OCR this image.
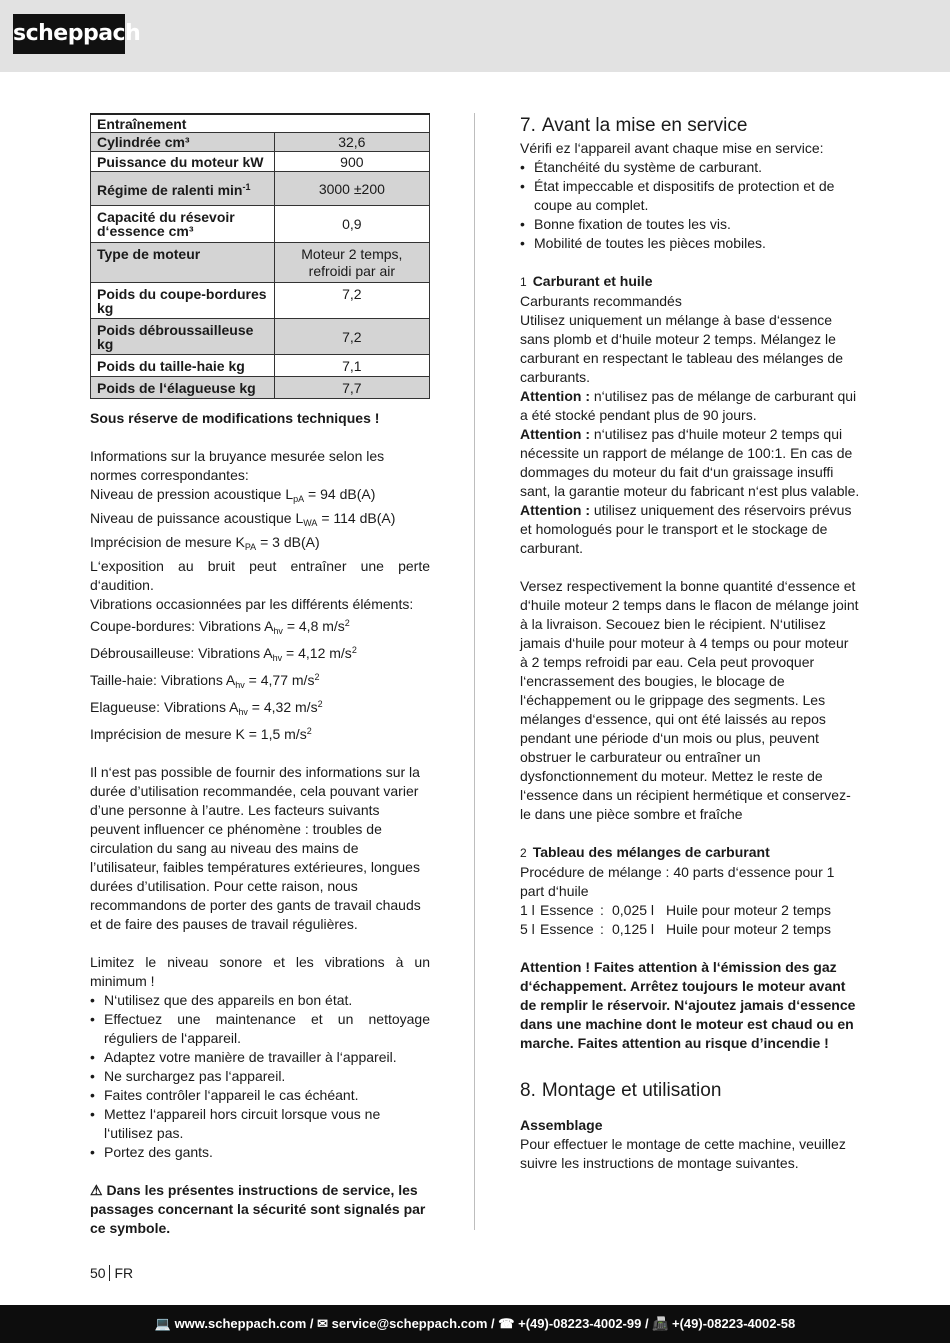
scheppach
Entraînement	
Cylindrée cm³	32,6
Puissance du moteur kW	900
Régime de ralenti $\min^{-1}$	3000 ±200
Capacité du résevoir d‘essence cm³	0,9
Type de moteur	Moteur 2 temps, refroidi par air
Poids du coupe-bordures kg	7,2
Poids débroussailleuse kg	7,2
Poids du taille-haie kg	7,1
Poids de l‘élagueuse kg	7,7

Sous réserve de modifications techniques !

Informations sur la bruyance mesurée selon les normes correspondantes:

Niveau de pression acoustique $L_{pA} = 94$ dB(A)

Niveau de puissance acoustique $L_{WA} = 114$ dB(A)

Imprécision de mesure $K_{PA} = 3$ dB(A)

L‘exposition au bruit peut entraîner une perte d‘audition.

Vibrations occasionnées par les différents éléments:

Coupe-bordures: Vibrations $A_{hv} = 4,8$ $m/s^2$

Débrousailleuse: Vibrations $A_{hv} = 4,12$ $m/s^2$

Taille-haie: Vibrations $A_{hv} = 4,77$ $m/s^2$

Elagueuse: Vibrations $A_{hv} = 4,32$ $m/s^2$

Imprécision de mesure K = 1,5 $m/s^2$

Il n‘est pas possible de fournir des informations sur la durée d’utilisation recommandée, cela pouvant varier d’une personne à l’autre. Les facteurs suivants peuvent influencer ce phénomène : troubles de circulation du sang au niveau des mains de l’utilisateur, faibles températures extérieures, longues durées d’utilisation. Pour cette raison, nous recommandons de porter des gants de travail chauds et de faire des pauses de travail régulières.

Limitez le niveau sonore et les vibrations à un minimum !

• N‘utilisez que des appareils en bon état.
• Effectuez une maintenance et un nettoyage réguliers de l‘appareil.
• Adaptez votre manière de travailler à l‘appareil.
• Ne surchargez pas l‘appareil.
• Faites contrôler l‘appareil le cas échéant.
• Mettez l‘appareil hors circuit lorsque vous ne l‘utilisez pas.
• Portez des gants.

⚠ Dans les présentes instructions de service, les passages concernant la sécurité sont signalés par ce symbole.

7. Avant la mise en service

Vérifi ez l‘appareil avant chaque mise en service:

• Étanchéité du système de carburant.
• État impeccable et dispositifs de protection et de coupe au complet.
• Bonne fixation de toutes les vis.
• Mobilité de toutes les pièces mobiles.

1 Carburant et huile

Carburants recommandés

Utilisez uniquement un mélange à base d‘essence sans plomb et d‘huile moteur 2 temps. Mélangez le carburant en respectant le tableau des mélanges de carburants.

Attention : n‘utilisez pas de mélange de carburant qui a été stocké pendant plus de 90 jours.

Attention : n‘utilisez pas d‘huile moteur 2 temps qui nécessite un rapport de mélange de 100:1. En cas de dommages du moteur du fait d‘un graissage insuffi sant, la garantie moteur du fabricant n‘est plus valable.

Attention : utilisez uniquement des réservoirs prévus et homologués pour le transport et le stockage de carburant.

Versez respectivement la bonne quantité d‘essence et d‘huile moteur 2 temps dans le flacon de mélange joint à la livraison. Secouez bien le récipient. N‘utilisez jamais d‘huile pour moteur à 4 temps ou pour moteur à 2 temps refroidi par eau. Cela peut provoquer l‘encrassement des bougies, le blocage de l‘échappement ou le grippage des segments. Les mélanges d‘essence, qui ont été laissés au repos pendant une période d‘un mois ou plus, peuvent obstruer le carburateur ou entraîner un dysfonctionnement du moteur. Mettez le reste de l‘essence dans un récipient hermétique et conservez-le dans une pièce sombre et fraîche

2 Tableau des mélanges de carburant

Procédure de mélange : 40 parts d‘essence pour 1 part d‘huile

1 l Essence : 0,025 l Huile pour moteur 2 temps
5 l Essence : 0,125 l Huile pour moteur 2 temps

Attention ! Faites attention à l‘émission des gaz d‘échappement. Arrêtez toujours le moteur avant de remplir le réservoir. N‘ajoutez jamais d‘essence dans une machine dont le moteur est chaud ou en marche. Faites attention au risque d’incendie !

8. Montage et utilisation

Assemblage

Pour effectuer le montage de cette machine, veuillez suivre les instructions de montage suivantes.

50 FR
💻 www.scheppach.com / ✉ service@scheppach.com / ☎ +(49)-08223-4002-99 / 📠 +(49)-08223-4002-58
